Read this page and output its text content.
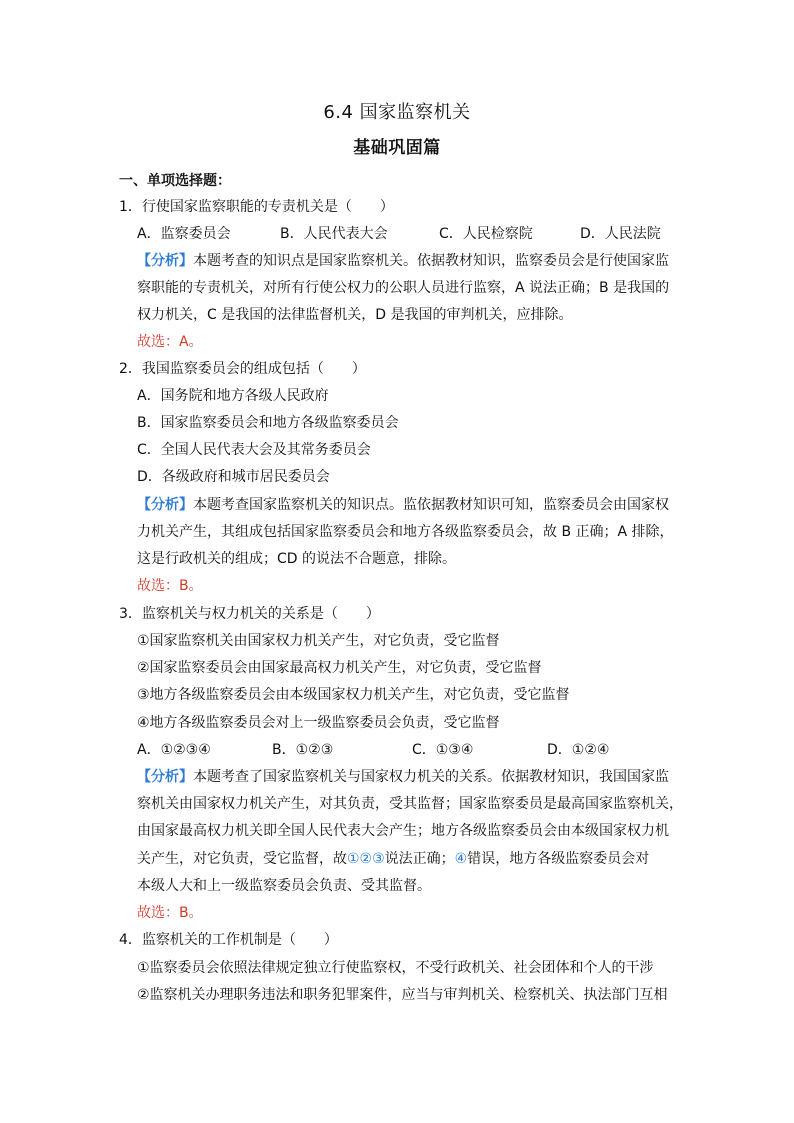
6.4 国家监察机关
基础巩固篇
一、单项选择题：
1．行使国家监察职能的专责机关是（　　）
A．监察委员会	B．人民代表大会	C．人民检察院	D．人民法院
【分析】本题考查的知识点是国家监察机关。依据教材知识，监察委员会是行使国家监
察职能的专责机关，对所有行使公权力的公职人员进行监察，A 说法正确；B 是我国的
权力机关，C 是我国的法律监督机关，D 是我国的审判机关，应排除。
故选：A。
2．我国监察委员会的组成包括（　　）
A．国务院和地方各级人民政府
B．国家监察委员会和地方各级监察委员会
C．全国人民代表大会及其常务委员会
D．各级政府和城市居民委员会
【分析】本题考查国家监察机关的知识点。监依据教材知识可知，监察委员会由国家权
力机关产生，其组成包括国家监察委员会和地方各级监察委员会，故 B 正确；A 排除，
这是行政机关的组成；CD 的说法不合题意，排除。
故选：B。
3．监察机关与权力机关的关系是（　　）
①国家监察机关由国家权力机关产生，对它负责，受它监督
②国家监察委员会由国家最高权力机关产生，对它负责，受它监督
③地方各级监察委员会由本级国家权力机关产生，对它负责，受它监督
④地方各级监察委员会对上一级监察委员会负责，受它监督
A．①②③④	B．①②③	C．①③④	D．①②④
【分析】本题考查了国家监察机关与国家权力机关的关系。依据教材知识，我国国家监
察机关由国家权力机关产生，对其负责，受其监督；国家监察委员是最高国家监察机关，
由国家最高权力机关即全国人民代表大会产生；地方各级监察委员会由本级国家权力机
关产生，对它负责，受它监督，故①②③说法正确；④错误，地方各级监察委员会对
本级人大和上一级监察委员会负责、受其监督。
故选：B。
4．监察机关的工作机制是（　　）
①监察委员会依照法律规定独立行使监察权，不受行政机关、社会团体和个人的干涉
②监察机关办理职务违法和职务犯罪案件，应当与审判机关、检察机关、执法部门互相
